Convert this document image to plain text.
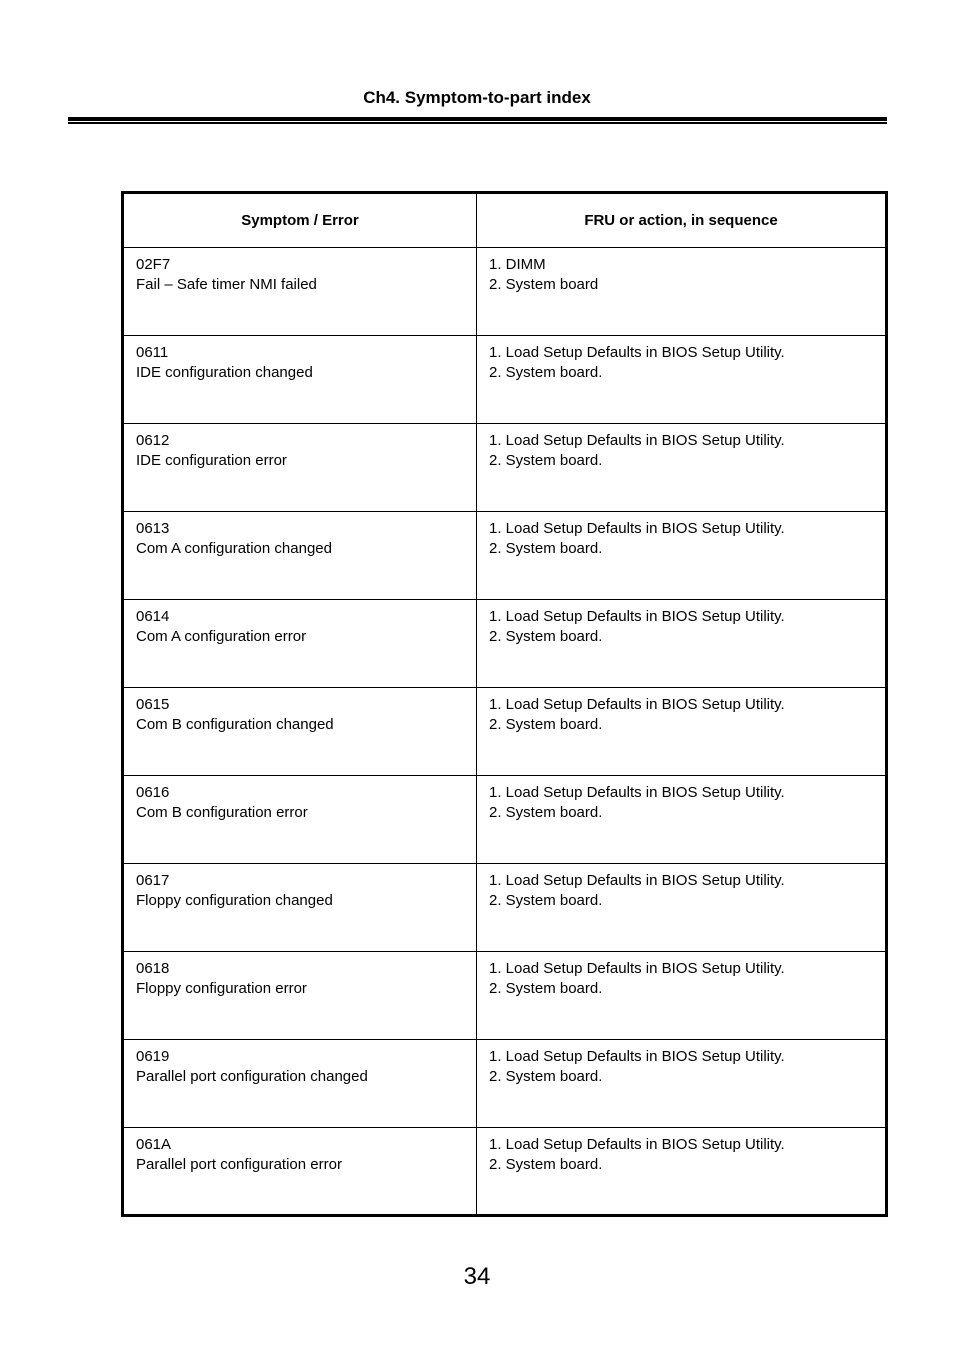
Ch4. Symptom-to-part index
Symptom / Error	FRU or action, in sequence

02F7
Fail – Safe timer NMI failed	1. DIMM
2. System board

0611
IDE configuration changed	1. Load Setup Defaults in BIOS Setup Utility.
2. System board.

0612
IDE configuration error	1. Load Setup Defaults in BIOS Setup Utility.
2. System board.

0613
Com A configuration changed	1. Load Setup Defaults in BIOS Setup Utility.
2. System board.

0614
Com A configuration error	1. Load Setup Defaults in BIOS Setup Utility.
2. System board.

0615
Com B configuration changed	1. Load Setup Defaults in BIOS Setup Utility.
2. System board.

0616
Com B configuration error	1. Load Setup Defaults in BIOS Setup Utility.
2. System board.

0617
Floppy configuration changed	1. Load Setup Defaults in BIOS Setup Utility.
2. System board.

0618
Floppy configuration error	1. Load Setup Defaults in BIOS Setup Utility.
2. System board.

0619
Parallel port configuration changed	1. Load Setup Defaults in BIOS Setup Utility.
2. System board.

061A
Parallel port configuration error	1. Load Setup Defaults in BIOS Setup Utility.
2. System board.
34
